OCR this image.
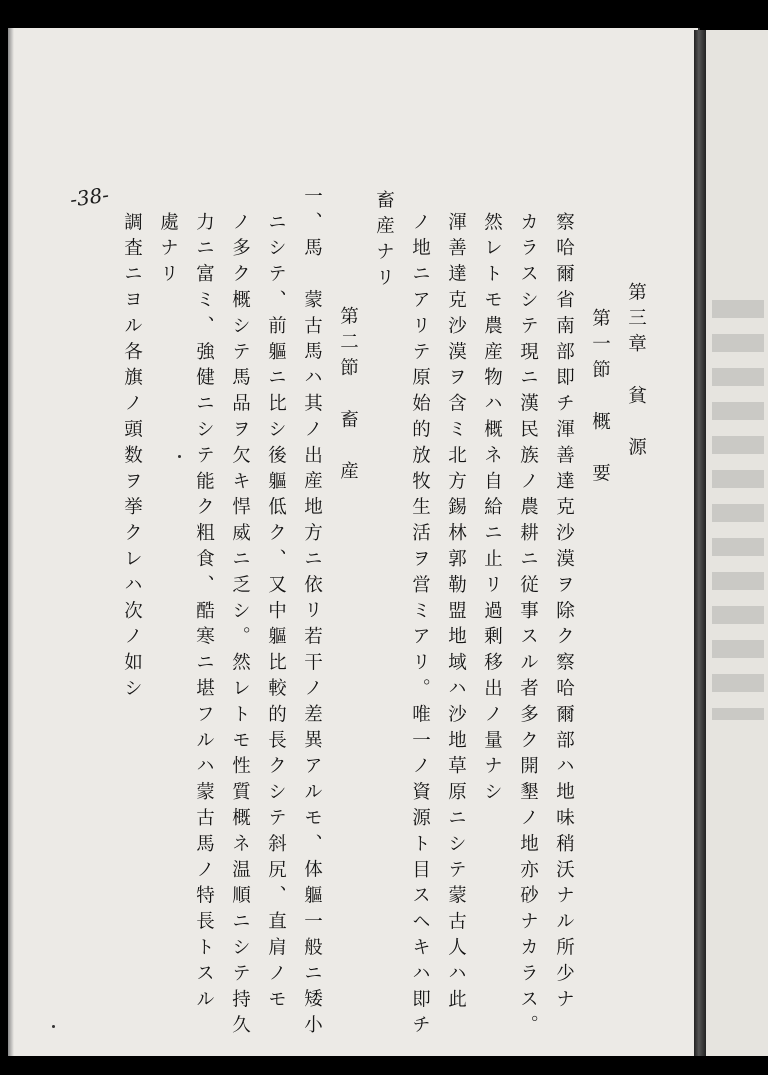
-38-
第三章　貧　源
第一節　概　要
察哈爾省南部即チ渾善達克沙漠ヲ除ク察哈爾部ハ地味稍沃ナル所少ナ
カラスシテ現ニ漢民族ノ農耕ニ従事スル者多ク開墾ノ地亦砂ナカラス。
然レトモ農産物ハ概ネ自給ニ止リ過剰移出ノ量ナシ
渾善達克沙漠ヲ含ミ北方錫林郭勒盟地域ハ沙地草原ニシテ蒙古人ハ此
ノ地ニアリテ原始的放牧生活ヲ営ミアリ。唯一ノ資源ト目スヘキハ即チ
畜産ナリ
第二節　畜　産
一、馬　蒙古馬ハ其ノ出産地方ニ依リ若干ノ差異アルモ、体軀一般ニ矮小
ニシテ、前軀ニ比シ後軀低ク、又中軀比較的長クシテ斜尻、直肩ノモ
ノ多ク概シテ馬品ヲ欠キ悍威ニ乏シ。然レトモ性質概ネ温順ニシテ持久
力ニ富ミ、強健ニシテ能ク粗食、酷寒ニ堪フルハ蒙古馬ノ特長トスル
處ナリ
調査ニヨル各旗ノ頭数ヲ挙クレハ次ノ如シ
